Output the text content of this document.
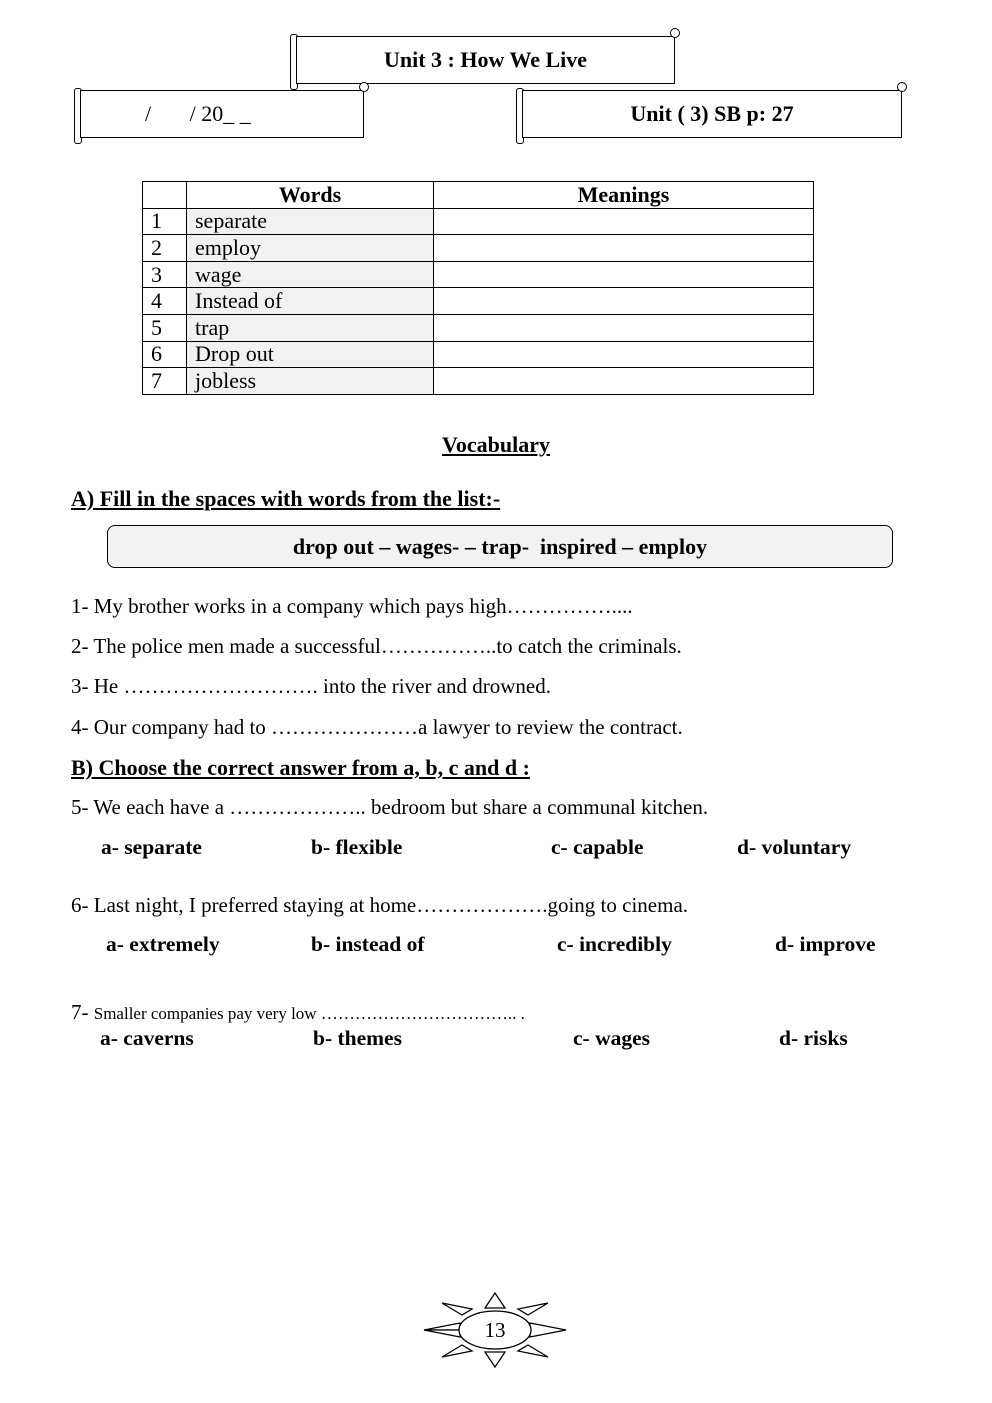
Unit 3 : How We Live
/       / 20_ _	Unit ( 3) SB p: 27
	Words	Meanings
1	separate	
2	employ	
3	wage	
4	Instead of	
5	trap	
6	Drop out	
7	jobless	
Vocabulary
A) Fill in the spaces with words from the list:-
drop out – wages- – trap-  inspired – employ
1- My brother works in a company which pays high……………....
2- The police men made a successful……………..to catch the criminals.
3- He ………………………. into the river and drowned.
4- Our company had to …………………a lawyer to review the contract.
B) Choose the correct answer from a, b, c and d :
5- We each have a ……………….. bedroom but share a communal kitchen.
a- separate	b- flexible	c- capable	d- voluntary
6- Last night, I preferred staying at home……………….going to cinema.
a- extremely	b- instead of	c- incredibly	d- improve
7- Smaller companies pay very low …………………………….. .
a- caverns	b- themes	c- wages	d- risks
13
